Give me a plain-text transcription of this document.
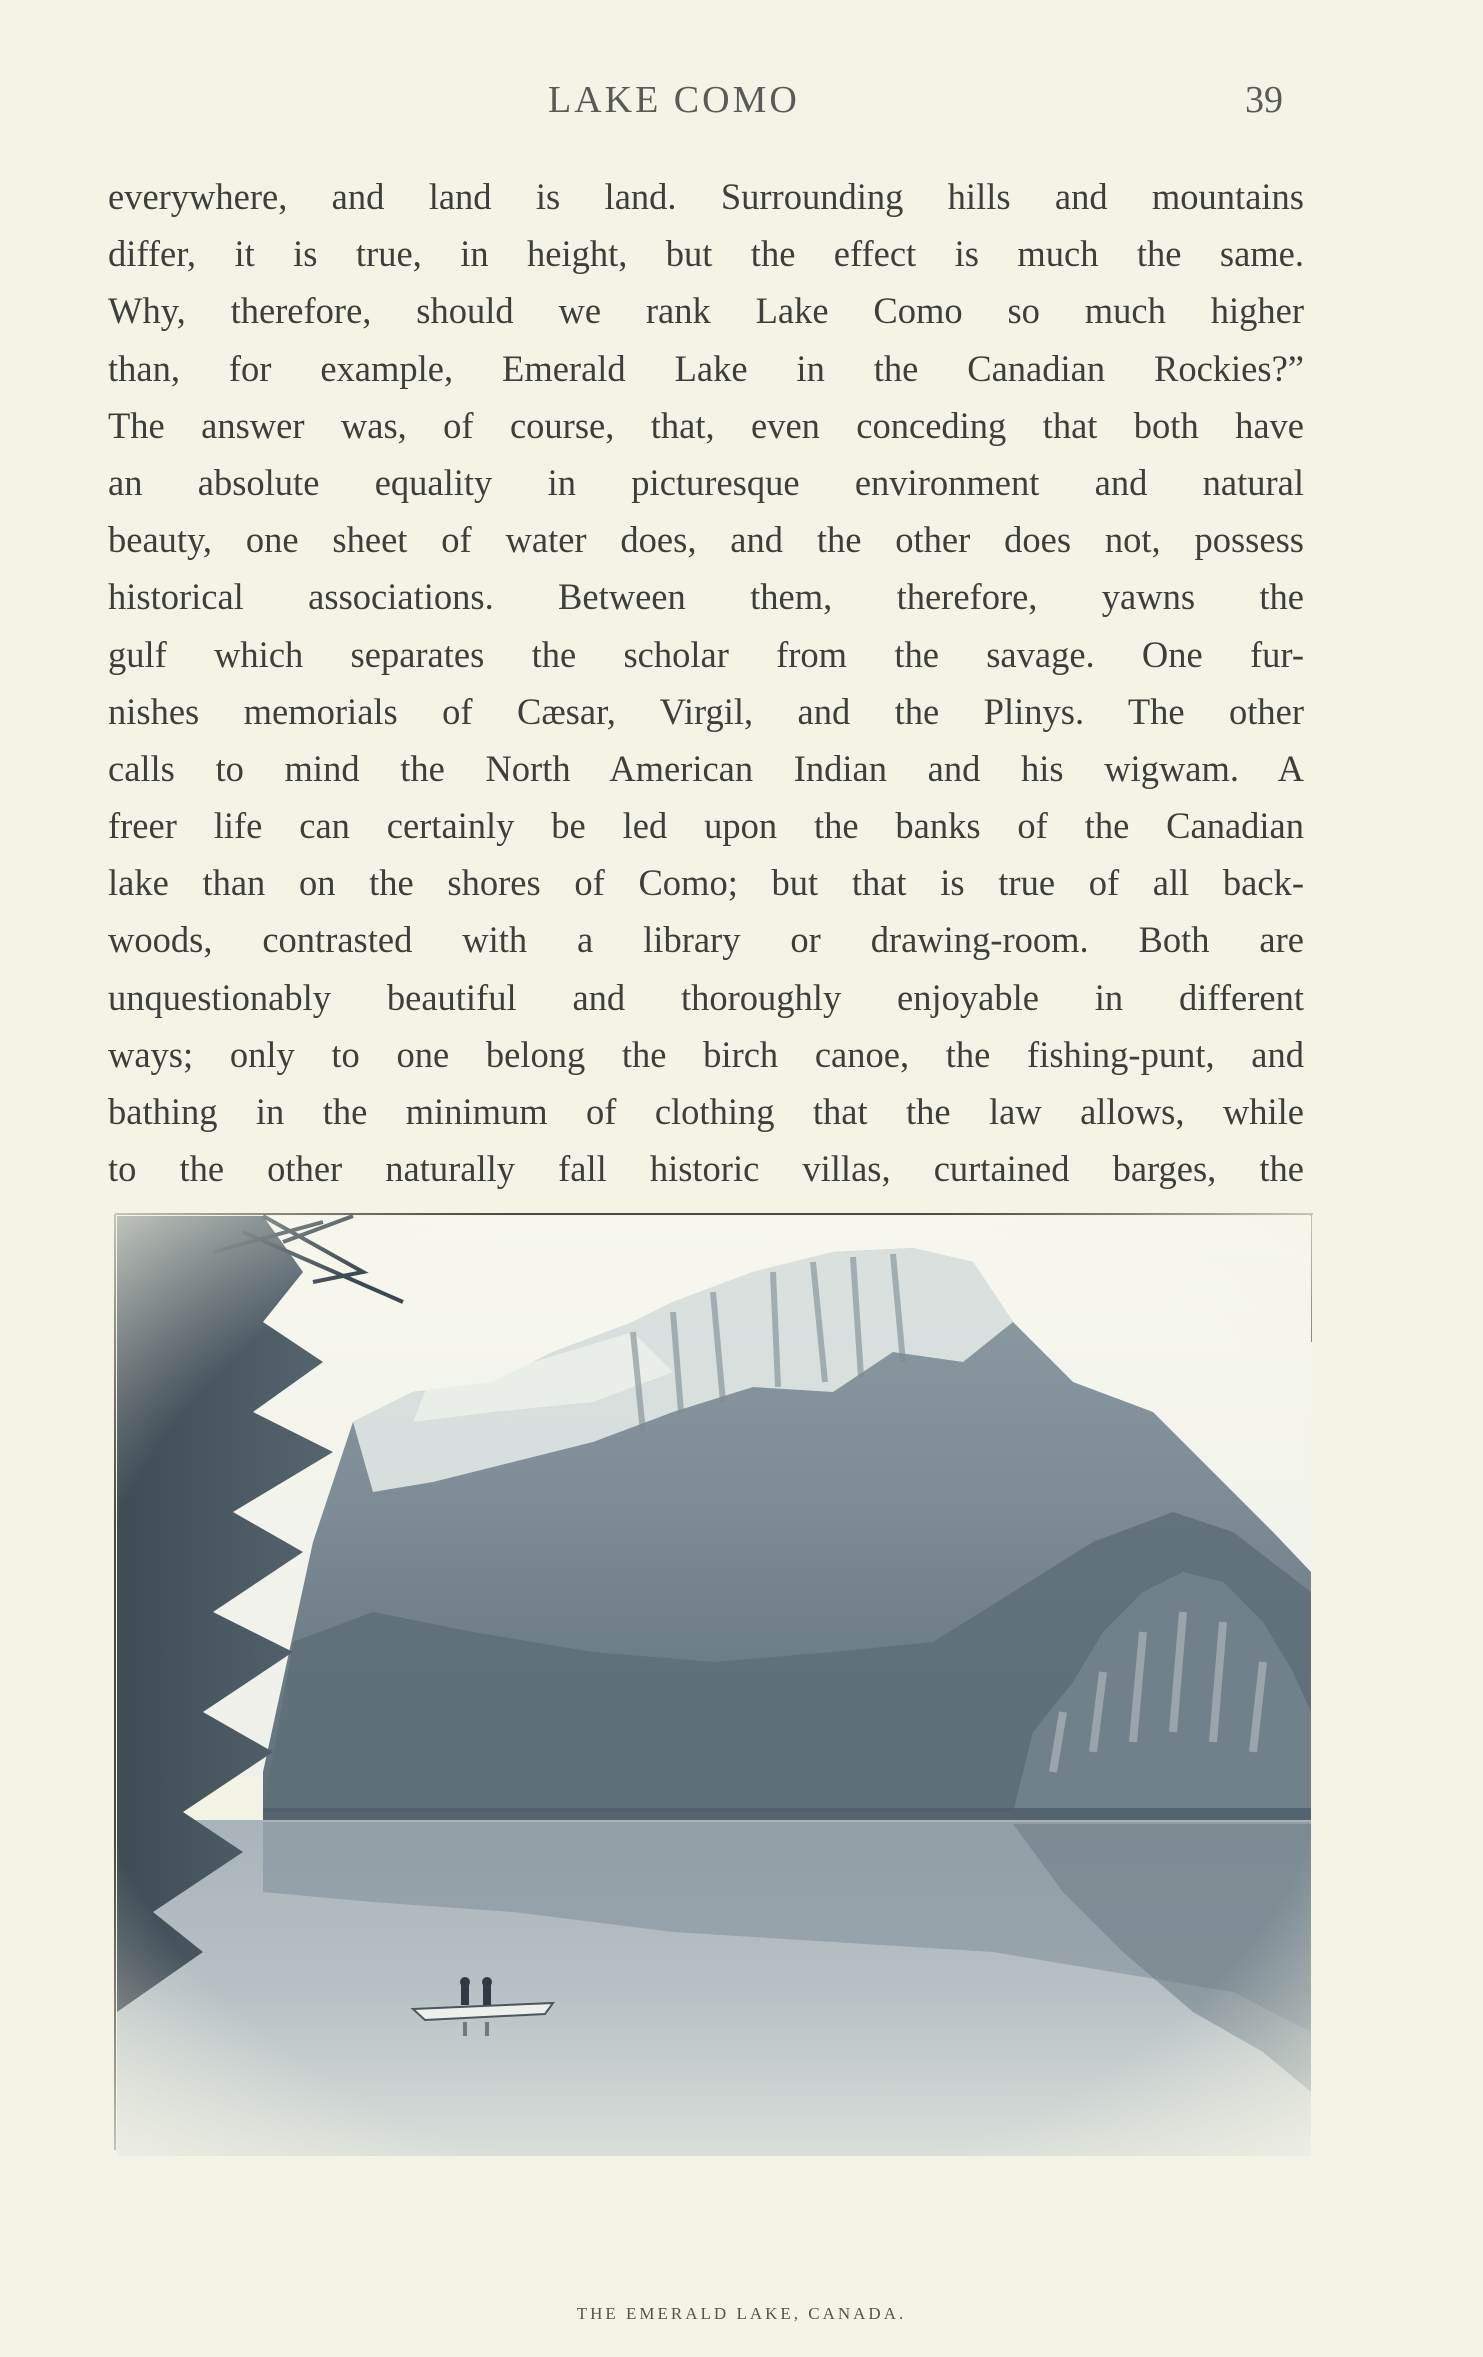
LAKE COMO	39
everywhere, and land is land. Surrounding hills and mountains
differ, it is true, in height, but the effect is much the same.
Why, therefore, should we rank Lake Como so much higher
than, for example, Emerald Lake in the Canadian Rockies?”
The answer was, of course, that, even conceding that both have
an absolute equality in picturesque environment and natural
beauty, one sheet of water does, and the other does not, possess
historical associations. Between them, therefore, yawns the
gulf which separates the scholar from the savage. One fur-
nishes memorials of Cæsar, Virgil, and the Plinys. The other
calls to mind the North American Indian and his wigwam. A
freer life can certainly be led upon the banks of the Canadian
lake than on the shores of Como; but that is true of all back-
woods, contrasted with a library or drawing-room. Both are
unquestionably beautiful and thoroughly enjoyable in different
ways; only to one belong the birch canoe, the fishing-punt, and
bathing in the minimum of clothing that the law allows, while
to the other naturally fall historic villas, curtained barges, the
THE EMERALD LAKE, CANADA.
